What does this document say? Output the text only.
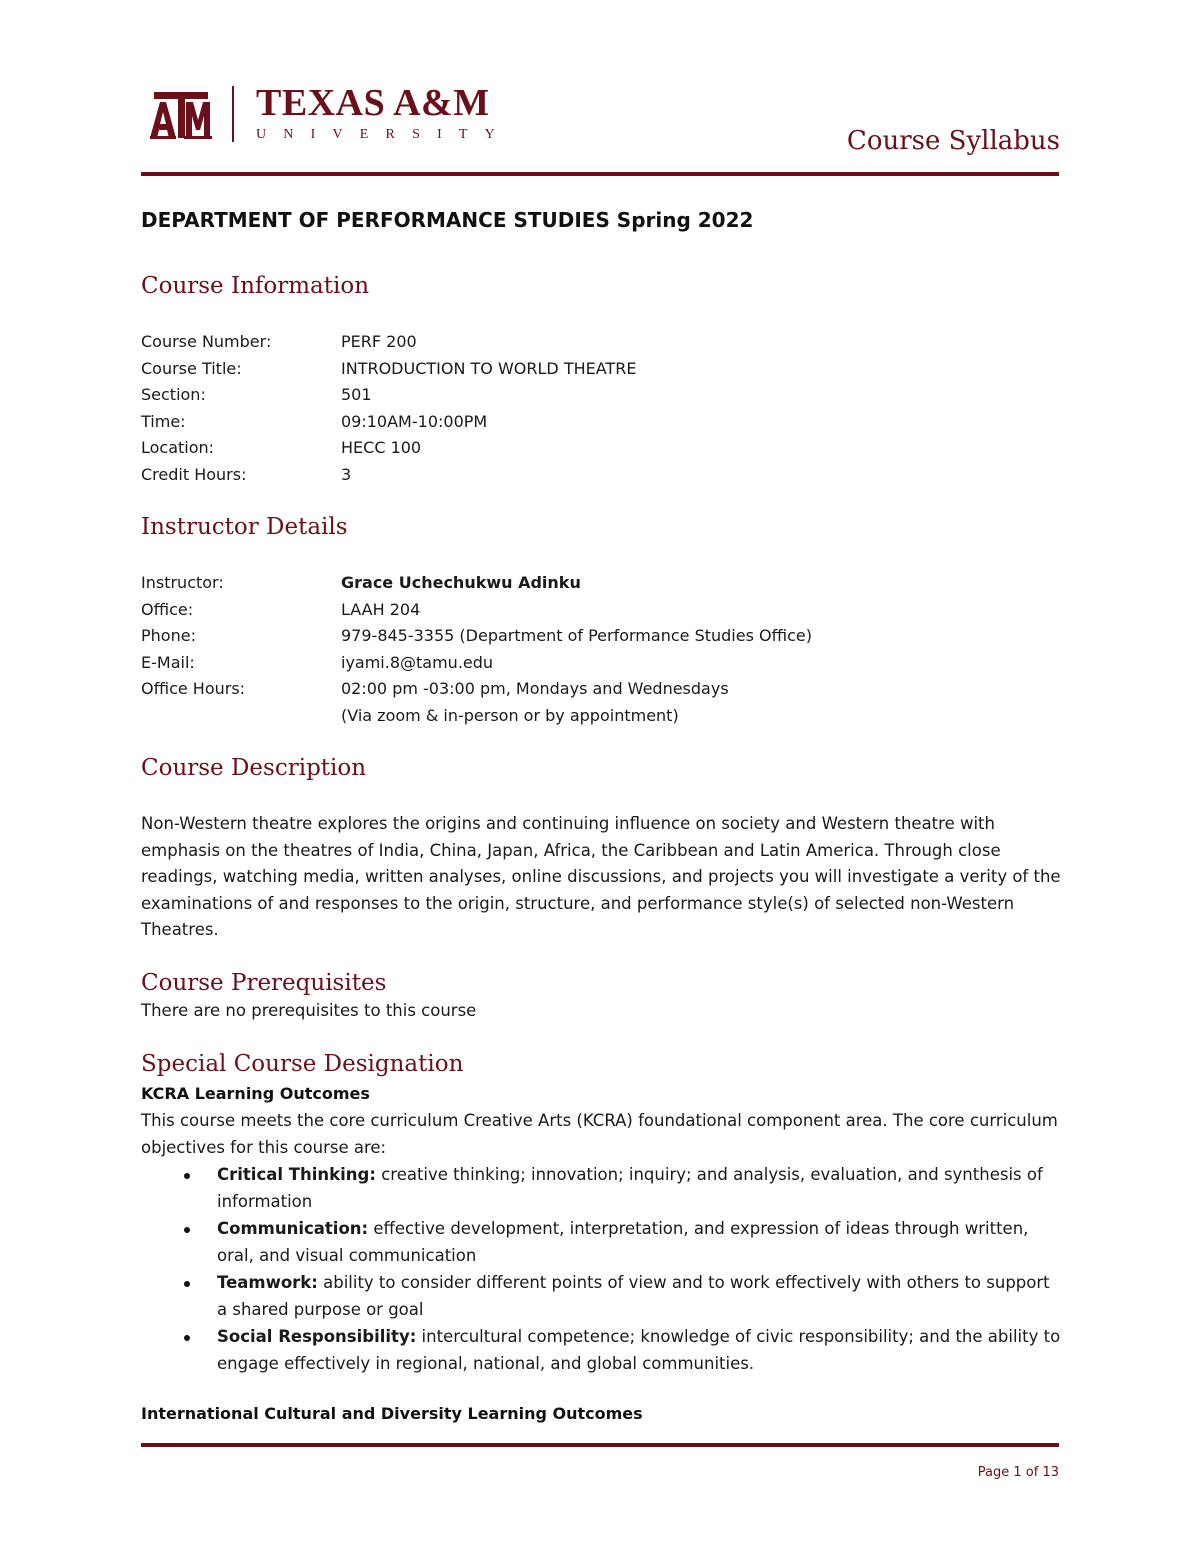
TEXAS A&M
UNIVERSITY	Course Syllabus
DEPARTMENT OF PERFORMANCE STUDIES Spring 2022
Course Information
Course Number:	PERF 200
Course Title:	INTRODUCTION TO WORLD THEATRE
Section:	501
Time:	09:10AM-10:00PM
Location:	HECC 100
Credit Hours:	3
Instructor Details
Instructor:	Grace Uchechukwu Adinku
Office:	LAAH 204
Phone:	979-845-3355 (Department of Performance Studies Office)
E-Mail:	iyami.8@tamu.edu
Office Hours:	02:00 pm -03:00 pm, Mondays and Wednesdays
(Via zoom & in-person or by appointment)
Course Description
Non-Western theatre explores the origins and continuing influence on society and Western theatre with emphasis on the theatres of India, China, Japan, Africa, the Caribbean and Latin America. Through close readings, watching media, written analyses, online discussions, and projects you will investigate a verity of the examinations of and responses to the origin, structure, and performance style(s) of selected non-Western Theatres.
Course Prerequisites
There are no prerequisites to this course
Special Course Designation
KCRA Learning Outcomes
This course meets the core curriculum Creative Arts (KCRA) foundational component area. The core curriculum objectives for this course are:
Critical Thinking: creative thinking; innovation; inquiry; and analysis, evaluation, and synthesis of information
Communication: effective development, interpretation, and expression of ideas through written, oral, and visual communication
Teamwork: ability to consider different points of view and to work effectively with others to support a shared purpose or goal
Social Responsibility: intercultural competence; knowledge of civic responsibility; and the ability to engage effectively in regional, national, and global communities.
International Cultural and Diversity Learning Outcomes
Page 1 of 13
